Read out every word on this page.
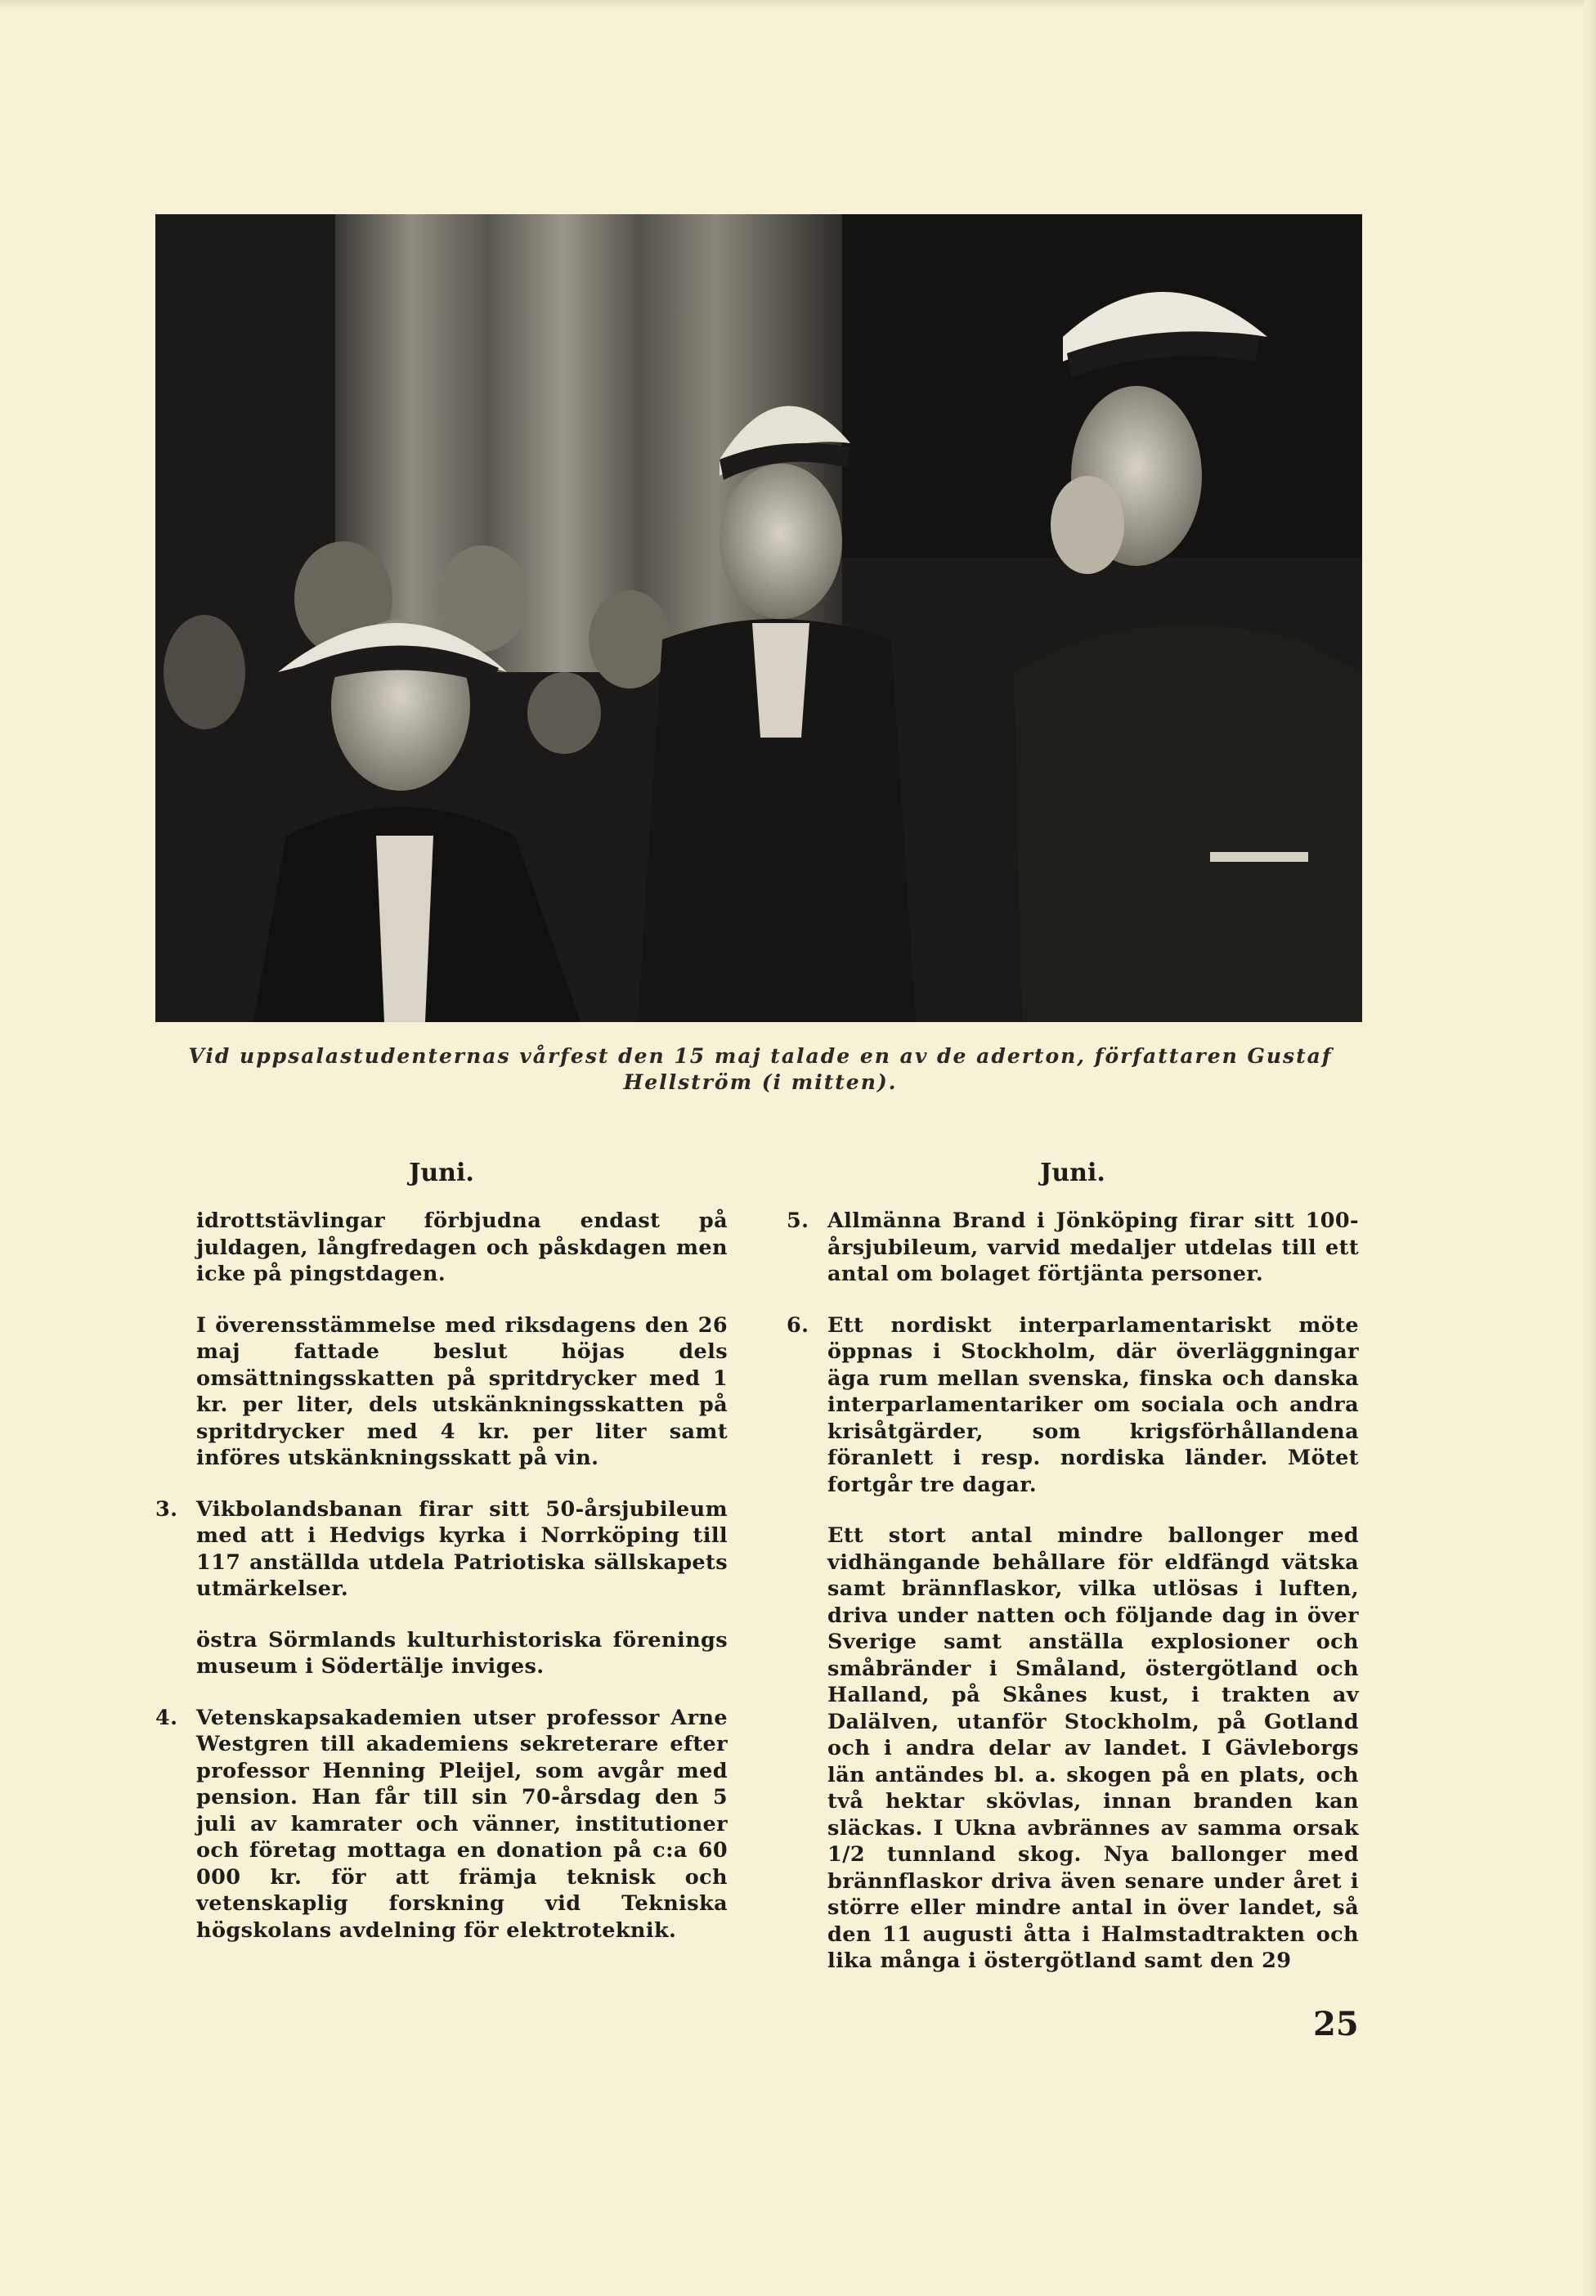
Vid uppsalastudenternas vårfest den 15 maj talade en av de aderton, författaren Gustaf Hellström (i mitten).
Juni.
idrottstävlingar förbjudna endast på juldagen, långfredagen och påskdagen men icke på pingstdagen.
I överensstämmelse med riksdagens den 26 maj fattade beslut höjas dels omsättningsskatten på spritdrycker med 1 kr. per liter, dels utskänkningsskatten på spritdrycker med 4 kr. per liter samt införes utskänkningsskatt på vin.
3. Vikbolandsbanan firar sitt 50-årsjubileum med att i Hedvigs kyrka i Norrköping till 117 anställda utdela Patriotiska sällskapets utmärkelser.
östra Sörmlands kulturhistoriska förenings museum i Södertälje inviges.
4. Vetenskapsakademien utser professor Arne Westgren till akademiens sekreterare efter professor Henning Pleijel, som avgår med pension. Han får till sin 70-årsdag den 5 juli av kamrater och vänner, institutioner och företag mottaga en donation på c:a 60 000 kr. för att främja teknisk och vetenskaplig forskning vid Tekniska högskolans avdelning för elektroteknik.
Juni.
5. Allmänna Brand i Jönköping firar sitt 100-årsjubileum, varvid medaljer utdelas till ett antal om bolaget förtjänta personer.
6. Ett nordiskt interparlamentariskt möte öppnas i Stockholm, där överläggningar äga rum mellan svenska, finska och danska interparlamentariker om sociala och andra krisåtgärder, som krigsförhållandena föranlett i resp. nordiska länder. Mötet fortgår tre dagar.
Ett stort antal mindre ballonger med vidhängande behållare för eldfängd vätska samt brännflaskor, vilka utlösas i luften, driva under natten och följande dag in över Sverige samt anställa explosioner och småbränder i Småland, östergötland och Halland, på Skånes kust, i trakten av Dalälven, utanför Stockholm, på Gotland och i andra delar av landet. I Gävleborgs län antändes bl. a. skogen på en plats, och två hektar skövlas, innan branden kan släckas. I Ukna avbrännes av samma orsak 1/2 tunnland skog. Nya ballonger med brännflaskor driva även senare under året i större eller mindre antal in över landet, så den 11 augusti åtta i Halmstadtrakten och lika många i östergötland samt den 29
25
